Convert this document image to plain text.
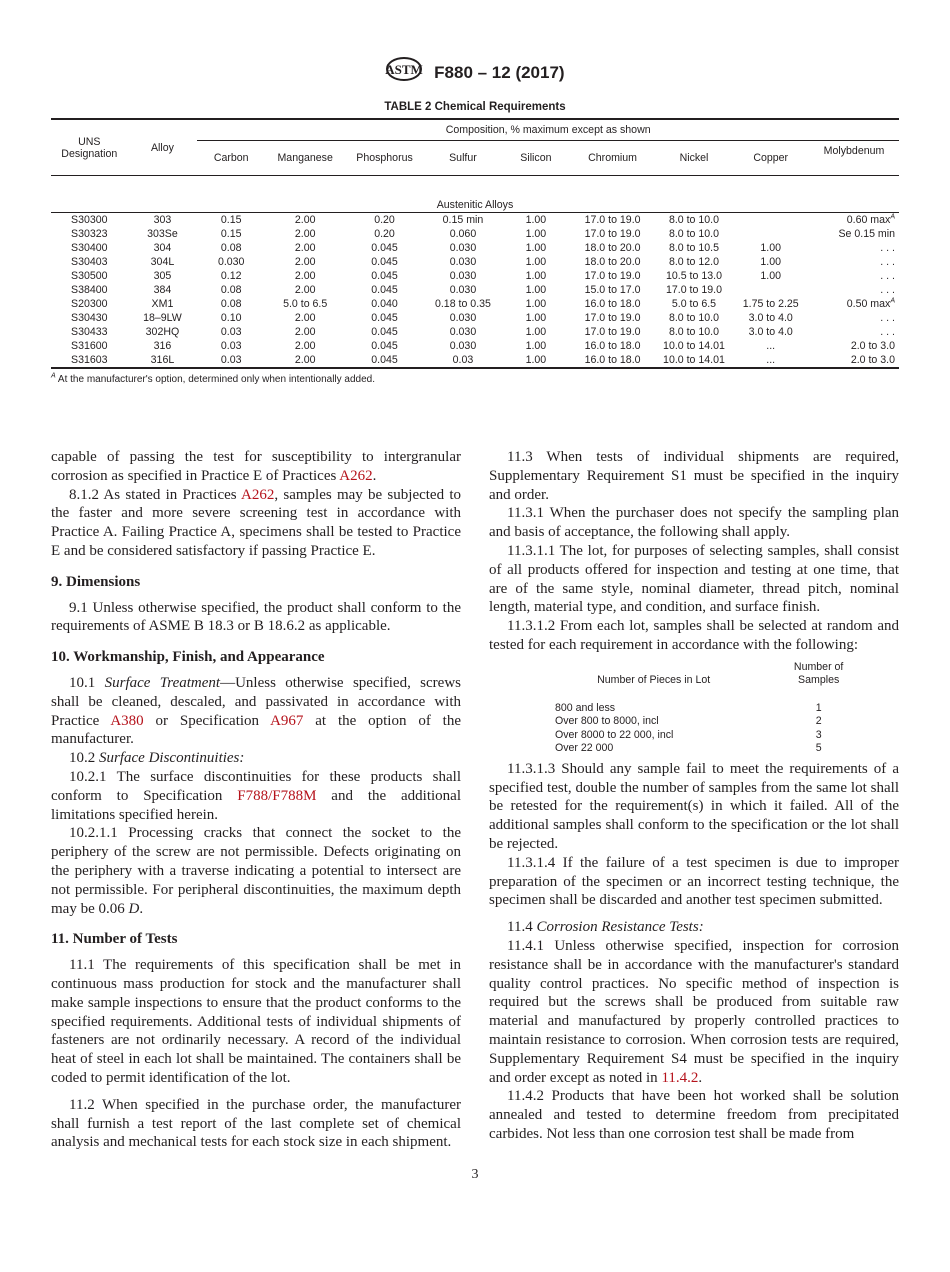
ASTM F880 – 12 (2017)
TABLE 2 Chemical Requirements
UNS Designation	Alloy	Composition, % maximum except as shown								
		Carbon	Manganese	Phosphorus	Sulfur	Silicon	Chromium	Nickel	Copper	Molybdenum
Austenitic Alloys										
S30300	303	0.15	2.00	0.20	0.15 min	1.00	17.0 to 19.0	8.0 to 10.0		0.60 $\max^A$
S30323	303Se	0.15	2.00	0.20	0.060	1.00	17.0 to 19.0	8.0 to 10.0		Se 0.15 min
S30400	304	0.08	2.00	0.045	0.030	1.00	18.0 to 20.0	8.0 to 10.5	1.00	. . .
S30403	304L	0.030	2.00	0.045	0.030	1.00	18.0 to 20.0	8.0 to 12.0	1.00	. . .
S30500	305	0.12	2.00	0.045	0.030	1.00	17.0 to 19.0	10.5 to 13.0	1.00	. . .
S38400	384	0.08	2.00	0.045	0.030	1.00	15.0 to 17.0	17.0 to 19.0		. . .
S20300	XM1	0.08	5.0 to 6.5	0.040	0.18 to 0.35	1.00	16.0 to 18.0	5.0 to 6.5	1.75 to 2.25	0.50 $\max^A$
S30430	18–9LW	0.10	2.00	0.045	0.030	1.00	17.0 to 19.0	8.0 to 10.0	3.0 to 4.0	. . .
S30433	302HQ	0.03	2.00	0.045	0.030	1.00	17.0 to 19.0	8.0 to 10.0	3.0 to 4.0	. . .
S31600	316	0.03	2.00	0.045	0.030	1.00	16.0 to 18.0	10.0 to 14.01	...	2.0 to 3.0
S31603	316L	0.03	2.00	0.045	0.03	1.00	16.0 to 18.0	10.0 to 14.01	...	2.0 to 3.0
$^A$ At the manufacturer's option, determined only when intentionally added.

capable of passing the test for susceptibility to intergranular corrosion as specified in Practice E of Practices A262.

8.1.2 As stated in Practices A262, samples may be subjected to the faster and more severe screening test in accordance with Practice A. Failing Practice A, specimens shall be tested to Practice E and be considered satisfactory if passing Practice E.

9. Dimensions

9.1 Unless otherwise specified, the product shall conform to the requirements of ASME B 18.3 or B 18.6.2 as applicable.

10. Workmanship, Finish, and Appearance

10.1 Surface Treatment—Unless otherwise specified, screws shall be cleaned, descaled, and passivated in accordance with Practice A380 or Specification A967 at the option of the manufacturer.

10.2 Surface Discontinuities:

10.2.1 The surface discontinuities for these products shall conform to Specification F788/F788M and the additional limitations specified herein.

10.2.1.1 Processing cracks that connect the socket to the periphery of the screw are not permissible. Defects originating on the periphery with a traverse indicating a potential to intersect are not permissible. For peripheral discontinuities, the maximum depth may be 0.06 D.

11. Number of Tests

11.1 The requirements of this specification shall be met in continuous mass production for stock and the manufacturer shall make sample inspections to ensure that the product conforms to the specified requirements. Additional tests of individual shipments of fasteners are not ordinarily necessary. A record of the individual heat of steel in each lot shall be maintained. The containers shall be coded to permit identification of the lot.

11.2 When specified in the purchase order, the manufacturer shall furnish a test report of the last complete set of chemical analysis and mechanical tests for each stock size in each shipment.

11.3 When tests of individual shipments are required, Supplementary Requirement S1 must be specified in the inquiry and order.

11.3.1 When the purchaser does not specify the sampling plan and basis of acceptance, the following shall apply.

11.3.1.1 The lot, for purposes of selecting samples, shall consist of all products offered for inspection and testing at one time, that are of the same style, nominal diameter, thread pitch, nominal length, material type, and condition, and surface finish.

11.3.1.2 From each lot, samples shall be selected at random and tested for each requirement in accordance with the following:

Number of Pieces in Lot	Number of Samples
800 and less	1
Over 800 to 8000, incl	2
Over 8000 to 22 000, incl	3
Over 22 000	5

11.3.1.3 Should any sample fail to meet the requirements of a specified test, double the number of samples from the same lot shall be retested for the requirement(s) in which it failed. All of the additional samples shall conform to the specification or the lot shall be rejected.

11.3.1.4 If the failure of a test specimen is due to improper preparation of the specimen or an incorrect testing technique, the specimen shall be discarded and another test specimen submitted.

11.4 Corrosion Resistance Tests:

11.4.1 Unless otherwise specified, inspection for corrosion resistance shall be in accordance with the manufacturer's standard quality control practices. No specific method of inspection is required but the screws shall be produced from suitable raw material and manufactured by properly controlled practices to maintain resistance to corrosion. When corrosion tests are required, Supplementary Requirement S4 must be specified in the inquiry and order except as noted in 11.4.2.

11.4.2 Products that have been hot worked shall be solution annealed and tested to determine freedom from precipitated carbides. Not less than one corrosion test shall be made from

3
